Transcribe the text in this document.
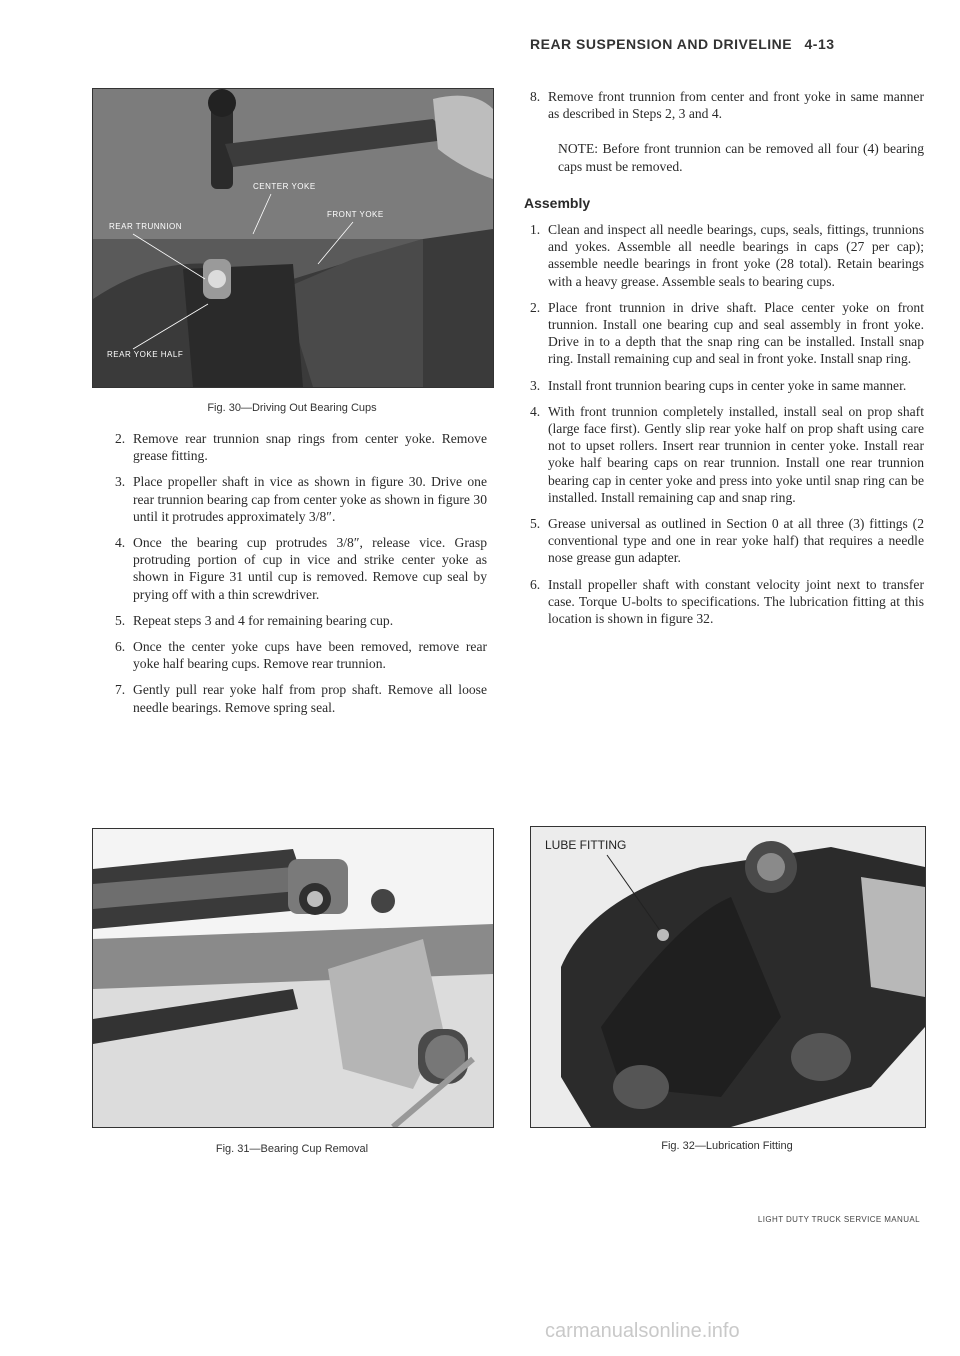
REAR SUSPENSION AND DRIVELINE 4-13
CENTER YOKE
FRONT YOKE
REAR TRUNNION
REAR YOKE HALF
Fig. 30—Driving Out Bearing Cups
2. Remove rear trunnion snap rings from center yoke. Remove grease fitting.
3. Place propeller shaft in vice as shown in figure 30. Drive one rear trunnion bearing cap from center yoke as shown in figure 30 until it protrudes approximately 3/8″.
4. Once the bearing cup protrudes 3/8″, release vice. Grasp protruding portion of cup in vice and strike center yoke as shown in Figure 31 until cup is removed. Remove cup seal by prying off with a thin screwdriver.
5. Repeat steps 3 and 4 for remaining bearing cup.
6. Once the center yoke cups have been removed, remove rear yoke half bearing cups. Remove rear trunnion.
7. Gently pull rear yoke half from prop shaft. Remove all loose needle bearings. Remove spring seal.
8. Remove front trunnion from center and front yoke in same manner as described in Steps 2, 3 and 4.
NOTE: Before front trunnion can be removed all four (4) bearing caps must be removed.
Assembly
1. Clean and inspect all needle bearings, cups, seals, fittings, trunnions and yokes. Assemble all needle bearings in caps (27 per cap); assemble needle bearings in front yoke (28 total). Retain bearings with a heavy grease. Assemble seals to bearing cups.
2. Place front trunnion in drive shaft. Place center yoke on front trunnion. Install one bearing cup and seal assembly in front yoke. Drive in to a depth that the snap ring can be installed. Install snap ring. Install remaining cup and seal in front yoke. Install snap ring.
3. Install front trunnion bearing cups in center yoke in same manner.
4. With front trunnion completely installed, install seal on prop shaft (large face first). Gently slip rear yoke half on prop shaft using care not to upset rollers. Insert rear trunnion in center yoke. Install rear yoke half bearing caps on rear trunnion. Install one rear trunnion bearing cap in center yoke and press into yoke until snap ring can be installed. Install remaining cap and snap ring.
5. Grease universal as outlined in Section 0 at all three (3) fittings (2 conventional type and one in rear yoke half) that requires a needle nose grease gun adapter.
6. Install propeller shaft with constant velocity joint next to transfer case. Torque U-bolts to specifications. The lubrication fitting at this location is shown in figure 32.
Fig. 31—Bearing Cup Removal
LUBE FITTING
Fig. 32—Lubrication Fitting
LIGHT DUTY TRUCK SERVICE MANUAL
carmanualsonline.info
